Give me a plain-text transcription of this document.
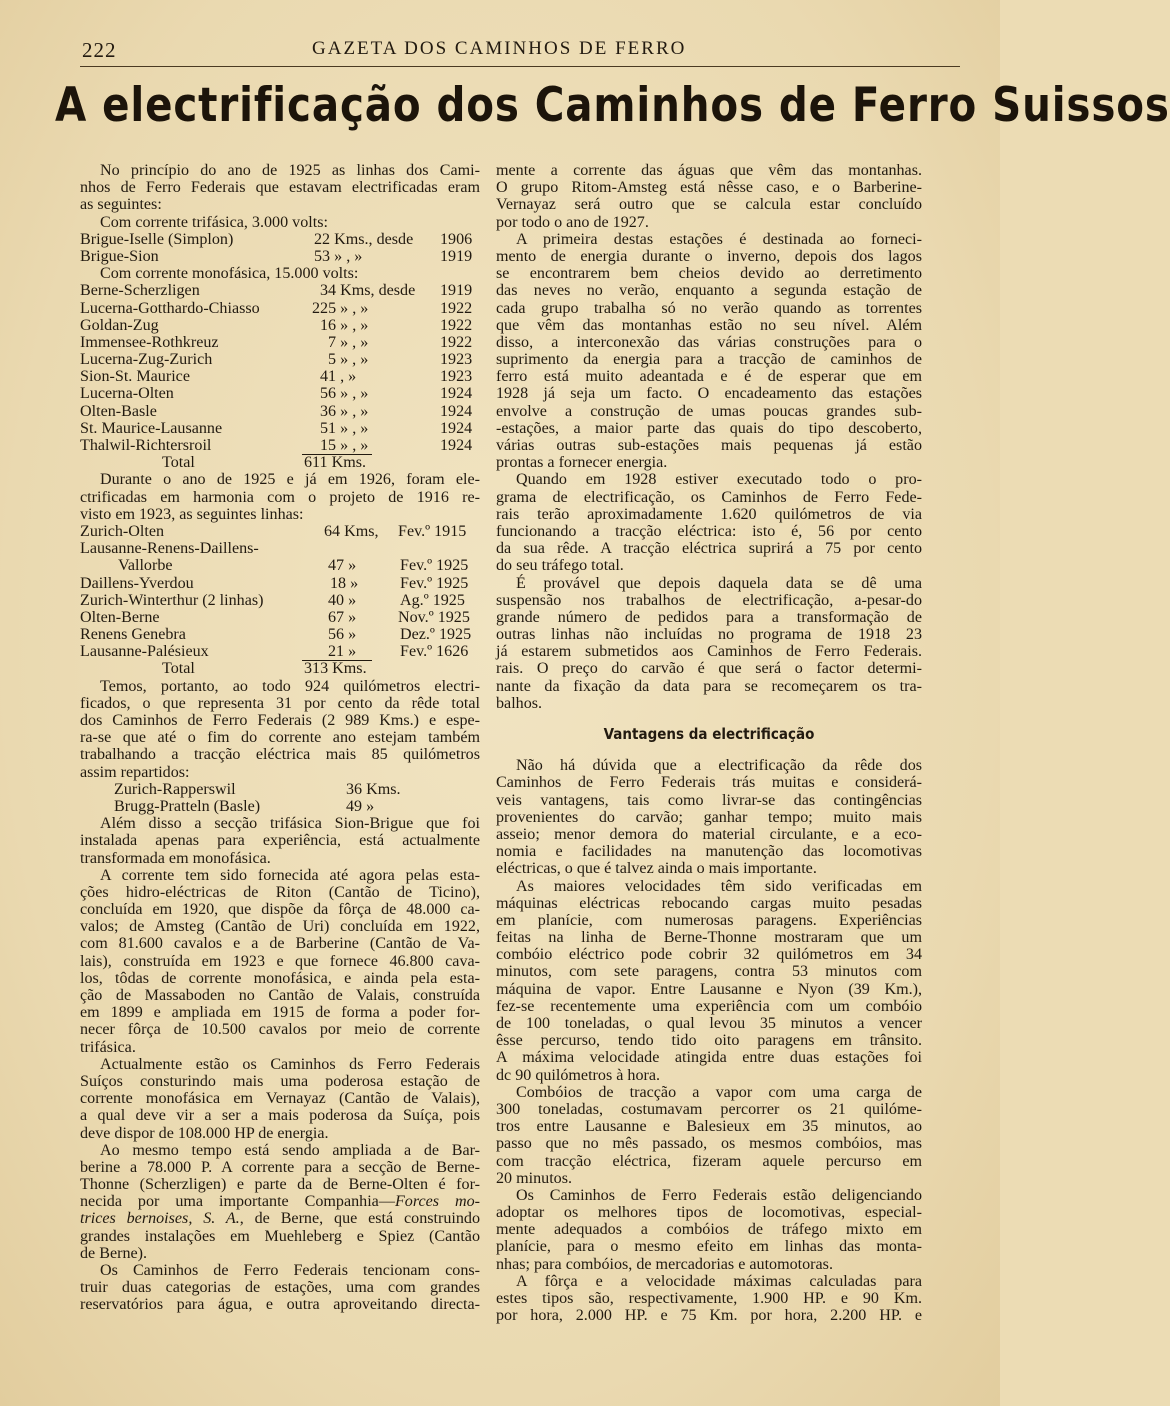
222	GAZETA DOS CAMINHOS DE FERRO
A electrificação dos Caminhos de Ferro Suissos
No princípio do ano de 1925 as linhas dos Cami-
nhos de Ferro Federais que estavam electrificadas eram
as seguintes:
Com corrente trifásica, 3.000 volts:
Brigue-Iselle (Simplon)	22 Kms., desde 1906
Brigue-Sion	53 » , »	1919
Com corrente monofásica, 15.000 volts:
Berne-Scherzligen	34 Kms, desde 1919
Lucerna-Gotthardo-Chiasso	225 » , »	1922
Goldan-Zug	16 » , »	1922
Immensee-Rothkreuz	7 » , »	1922
Lucerna-Zug-Zurich	5 » , »	1923
Sion-St. Maurice	41 , »	1923
Lucerna-Olten	56 » , »	1924
Olten-Basle	36 » , »	1924
St. Maurice-Lausanne	51 » , »	1924
Thalwil-Richtersroil	15 » , »	1924
Total	611 Kms.
Durante o ano de 1925 e já em 1926, foram ele-
ctrificadas em harmonia com o projeto de 1916 re-
visto em 1923, as seguintes linhas:
Zurich-Olten	64 Kms, Fev.º 1915
Lausanne-Renens-Daillens-
Vallorbe	47 »	Fev.º 1925
Daillens-Yverdou	18 »	Fev.º 1925
Zurich-Winterthur (2 linhas)	40 »	Ag.º 1925
Olten-Berne	67 »	Nov.º 1925
Renens Genebra	56 »	Dez.º 1925
Lausanne-Palésieux	21 »	Fev.º 1626
Total	313 Kms.
Temos, portanto, ao todo 924 quilómetros electri-
ficados, o que representa 31 por cento da rêde total
dos Caminhos de Ferro Federais (2 989 Kms.) e espe-
ra-se que até o fim do corrente ano estejam também
trabalhando a tracção eléctrica mais 85 quilómetros
assim repartidos:
Zurich-Rapperswil	36 Kms.
Brugg-Pratteln (Basle)	49 »
Além disso a secção trifásica Sion-Brigue que foi
instalada apenas para experiência, está actualmente
transformada em monofásica.
A corrente tem sido fornecida até agora pelas esta-
ções hidro-eléctricas de Riton (Cantão de Ticino),
concluída em 1920, que dispõe da fôrça de 48.000 ca-
valos; de Amsteg (Cantão de Uri) concluída em 1922,
com 81.600 cavalos e a de Barberine (Cantão de Va-
lais), construída em 1923 e que fornece 46.800 cava-
los, tôdas de corrente monofásica, e ainda pela esta-
ção de Massaboden no Cantão de Valais, construída
em 1899 e ampliada em 1915 de forma a poder for-
necer fôrça de 10.500 cavalos por meio de corrente
trifásica.
Actualmente estão os Caminhos ds Ferro Federais
Suíços consturindo mais uma poderosa estação de
corrente monofásica em Vernayaz (Cantão de Valais),
a qual deve vir a ser a mais poderosa da Suíça, pois
deve dispor de 108.000 HP de energia.
Ao mesmo tempo está sendo ampliada a de Bar-
berine a 78.000 P. A corrente para a secção de Berne-
Thonne (Scherzligen) e parte da de Berne-Olten é for-
necida por uma importante Companhia—Forces mo-
trices bernoises, S. A., de Berne, que está construindo
grandes instalações em Muehleberg e Spiez (Cantão
de Berne).
Os Caminhos de Ferro Federais tencionam cons-
truir duas categorias de estações, uma com grandes
reservatórios para água, e outra aproveitando directa-
mente a corrente das águas que vêm das montanhas.
O grupo Ritom-Amsteg está nêsse caso, e o Barberine-
Vernayaz será outro que se calcula estar concluído
por todo o ano de 1927.
A primeira destas estações é destinada ao forneci-
mento de energia durante o inverno, depois dos lagos
se encontrarem bem cheios devido ao derretimento
das neves no verão, enquanto a segunda estação de
cada grupo trabalha só no verão quando as torrentes
que vêm das montanhas estão no seu nível. Além
disso, a interconexão das várias construções para o
suprimento da energia para a tracção de caminhos de
ferro está muito adeantada e é de esperar que em
1928 já seja um facto. O encadeamento das estações
envolve a construção de umas poucas grandes sub-
-estações, a maior parte das quais do tipo descoberto,
várias outras sub-estações mais pequenas já estão
prontas a fornecer energia.
Quando em 1928 estiver executado todo o pro-
grama de electrificação, os Caminhos de Ferro Fede-
rais terão aproximadamente 1.620 quilómetros de via
funcionando a tracção eléctrica: isto é, 56 por cento
da sua rêde. A tracção eléctrica suprirá a 75 por cento
do seu tráfego total.
É provável que depois daquela data se dê uma
suspensão nos trabalhos de electrificação, a-pesar-do
grande número de pedidos para a transformação de
outras linhas não incluídas no programa de 1918 23
já estarem submetidos aos Caminhos de Ferro Federais.
rais. O preço do carvão é que será o factor determi-
nante da fixação da data para se recomeçarem os tra-
balhos.
Vantagens da electrificação
Não há dúvida que a electrificação da rêde dos
Caminhos de Ferro Federais trás muitas e considerá-
veis vantagens, tais como livrar-se das contingências
provenientes do carvão; ganhar tempo; muito mais
asseio; menor demora do material circulante, e a eco-
nomia e facilidades na manutenção das locomotivas
eléctricas, o que é talvez ainda o mais importante.
As maiores velocidades têm sido verificadas em
máquinas eléctricas rebocando cargas muito pesadas
em planície, com numerosas paragens. Experiências
feitas na linha de Berne-Thonne mostraram que um
combóio eléctrico pode cobrir 32 quilómetros em 34
minutos, com sete paragens, contra 53 minutos com
máquina de vapor. Entre Lausanne e Nyon (39 Km.),
fez-se recentemente uma experiência com um combóio
de 100 toneladas, o qual levou 35 minutos a vencer
êsse percurso, tendo tido oito paragens em trânsito.
A máxima velocidade atingida entre duas estações foi
dc 90 quilómetros à hora.
Combóios de tracção a vapor com uma carga de
300 toneladas, costumavam percorrer os 21 quilóme-
tros entre Lausanne e Balesieux em 35 minutos, ao
passo que no mês passado, os mesmos combóios, mas
com tracção eléctrica, fizeram aquele percurso em
20 minutos.
Os Caminhos de Ferro Federais estão deligenciando
adoptar os melhores tipos de locomotivas, especial-
mente adequados a combóios de tráfego mixto em
planície, para o mesmo efeito em linhas das monta-
nhas; para combóios, de mercadorias e automotoras.
A fôrça e a velocidade máximas calculadas para
estes tipos são, respectivamente, 1.900 HP. e 90 Km.
por hora, 2.000 HP. e 75 Km. por hora, 2.200 HP. e
